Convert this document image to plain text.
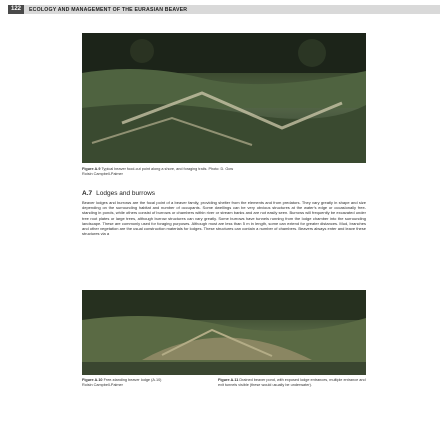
122	ECOLOGY AND MANAGEMENT OF THE EURASIAN BEAVER
Figure A.9 Typical beaver food-cut point along a shore, and foraging trails. Photo: D. Gow
Roisin Campbell-Palmer
A.7 Lodges and burrows
Beaver lodges and burrows are the focal point of a beaver family, providing shelter from the elements and from predators. They vary greatly in shape and size depending on the surrounding habitat and number of occupants. Some dwellings can be very obvious structures at the water's edge or occasionally free-standing in ponds, while others consist of burrows or chambers within river or stream banks and are not easily seen. Burrows will frequently be excavated under tree root plates or large trees, although burrow structures can vary greatly. Some burrows have tunnels running from the lodge chamber into the surrounding landscape. These are commonly used for foraging purposes. Although most are less than 5 m in length, some can extend for greater distances. Mud, branches and other vegetation are the usual construction materials for lodges. These structures can contain a number of chambers. Beavers always enter and leave these structures via a
Figure A.10 Free-standing beaver lodge (A.10)
Roisin Campbell-Palmer
Figure A.11 Drained beaver pond, with exposed lodge entrances, multiple entrance and exit tunnels visible (these would usually be underwater).
